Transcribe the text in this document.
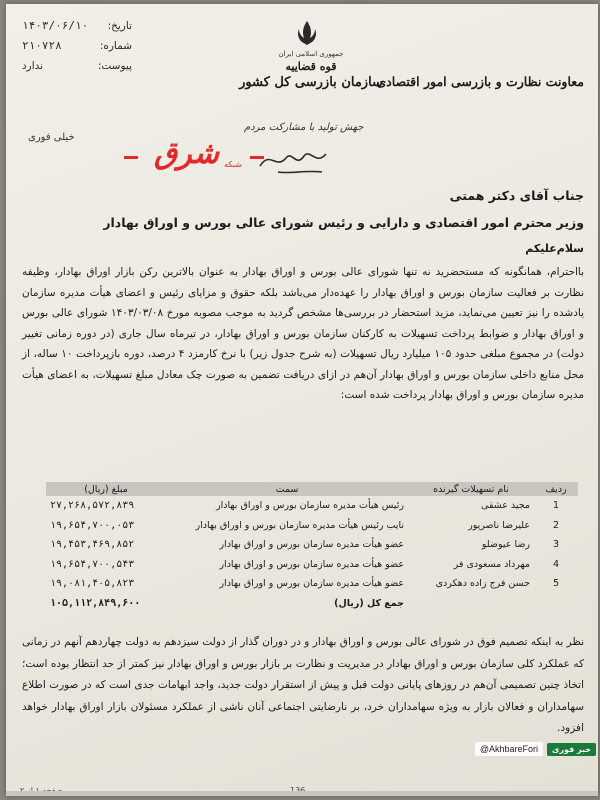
تاریخ:
۱۴۰۳/۰۶/۱۰
شماره:
۲۱۰۷۲۸
پیوست:
ندارد
خیلی فوری
جمهوری اسلامی ایران
قوه قضاییه
سازمان بازرسی کل کشور
جهش تولید با مشارکت مردم
معاونت نظارت و بازرسی امور اقتصادی
شرق شبکه
جناب آقای دکتر همتی
وزیر محترم امور اقتصادی و دارایی و رئیس شورای عالی بورس و اوراق بهادار
سلام‌علیکم
با‌احترام، همانگونه که مستحضرید نه تنها شورای عالی بورس و اوراق بهادار به عنوان بالاترین رکن بازار اوراق بهادار، وظیفه نظارت بر فعالیت سازمان بورس و اوراق بهادار را عهده‌دار می‌باشد بلکه حقوق و مزایای رئیس و اعضای هیأت مدیره سازمان یادشده را نیز تعیین می‌نماید، مزید استحضار در بررسی‌ها مشخص گردید به موجب مصوبه مورخ ۱۴۰۳/۰۳/۰۸ شورای عالی بورس و اوراق بهادار و ضوابط پرداخت تسهیلات به کارکنان سازمان بورس و اوراق بهادار، در تیرماه سال جاری (در دوره زمانی تغییر دولت) در مجموع مبلغی حدود ۱۰۵ میلیارد ریال تسهیلات (به شرح جدول زیر) با نرخ کارمزد ۴ درصد، دوره بازپرداخت ۱۰ ساله، از محل منابع داخلی سازمان بورس و اوراق بهادار آن‌هم در ازای دریافت تضمین به صورت چک معادل مبلغ تسهیلات، به اعضای هیأت مدیره سازمان بورس و اوراق بهادار پرداخت شده است:
ردیف	نام تسهیلات گیرنده	سمت	مبلغ (ریال)
1	مجید عشقی	رئیس هیأت مدیره سازمان بورس و اوراق بهادار	۲۷,۲۶۸,۵۷۲,۸۳۹
2	علیرضا ناصرپور	نایب رئیس هیأت مدیره سازمان بورس و اوراق بهادار	۱۹,۶۵۴,۷۰۰,۰۵۳
3	رضا عیوضلو	عضو هیأت مدیره سازمان بورس و اوراق بهادار	۱۹,۴۵۳,۴۶۹,۸۵۲
4	مهرداد مسعودی فر	عضو هیأت مدیره سازمان بورس و اوراق بهادار	۱۹,۶۵۴,۷۰۰,۵۴۳
5	حسن فرج زاده دهکردی	عضو هیأت مدیره سازمان بورس و اوراق بهادار	۱۹,۰۸۱,۴۰۵,۸۲۳
		جمع کل (ریال)	۱۰۵,۱۱۲,۸۴۹,۶۰۰
نظر به اینکه تصمیم فوق در شورای عالی بورس و اوراق بهادار و در دوران گذار از دولت سیزدهم به دولت چهاردهم آنهم در زمانی که عملکرد کلی سازمان بورس و اوراق بهادار در مدیریت و نظارت بر بازار بورس و اوراق بهادار نیز کمتر از حد انتظار بوده است؛ اتخاذ چنین تصمیمی آن‌هم در روزهای پایانی دولت قبل و پیش از استقرار دولت جدید، واجد ابهامات جدی است که در صورت اطلاع سهامداران و فعالان بازار به ویژه سهامداران خرد، بر نارضایتی اجتماعی آنان ناشی از عملکرد مسئولان بازار اوراق بهادار خواهد افزود.
@AkhbareFori	خبر فوری
